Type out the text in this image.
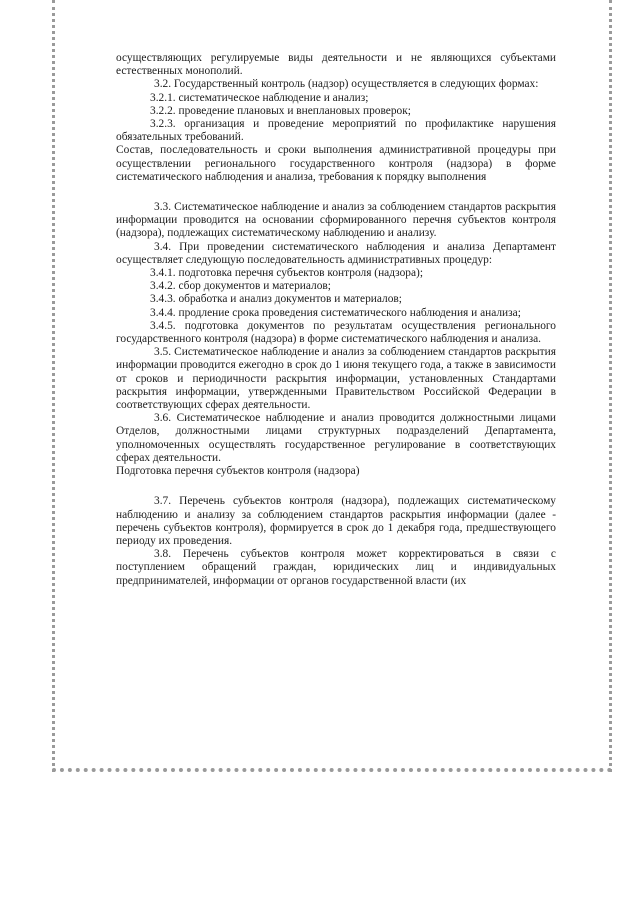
осуществляющих регулируемые виды деятельности и не являющихся субъектами естественных монополий.

3.2. Государственный контроль (надзор) осуществляется в следующих формах:

3.2.1. систематическое наблюдение и анализ;

3.2.2. проведение плановых и внеплановых проверок;

3.2.3. организация и проведение мероприятий по профилактике нарушения обязательных требований.

Состав, последовательность и сроки выполнения административной процедуры при осуществлении регионального государственного контроля (надзора) в форме систематического наблюдения и анализа, требования к порядку выполнения

3.3. Систематическое наблюдение и анализ за соблюдением стандартов раскрытия информации проводится на основании сформированного перечня субъектов контроля (надзора), подлежащих систематическому наблюдению и анализу.

3.4. При проведении систематического наблюдения и анализа Департамент осуществляет следующую последовательность административных процедур:

3.4.1. подготовка перечня субъектов контроля (надзора);

3.4.2. сбор документов и материалов;

3.4.3. обработка и анализ документов и материалов;

3.4.4. продление срока проведения систематического наблюдения и анализа;

3.4.5. подготовка документов по результатам осуществления регионального государственного контроля (надзора) в форме систематического наблюдения и анализа.

3.5. Систематическое наблюдение и анализ за соблюдением стандартов раскрытия информации проводится ежегодно в срок до 1 июня текущего года, а также в зависимости от сроков и периодичности раскрытия информации, установленных Стандартами раскрытия информации, утвержденными Правительством Российской Федерации в соответствующих сферах деятельности.

3.6. Систематическое наблюдение и анализ проводится должностными лицами Отделов, должностными лицами структурных подразделений Департамента, уполномоченных осуществлять государственное регулирование в соответствующих сферах деятельности.

Подготовка перечня субъектов контроля (надзора)

3.7. Перечень субъектов контроля (надзора), подлежащих систематическому наблюдению и анализу за соблюдением стандартов раскрытия информации (далее - перечень субъектов контроля), формируется в срок до 1 декабря года, предшествующего периоду их проведения.

3.8. Перечень субъектов контроля может корректироваться в связи с поступлением обращений граждан, юридических лиц и индивидуальных предпринимателей, информации от органов государственной власти (их
